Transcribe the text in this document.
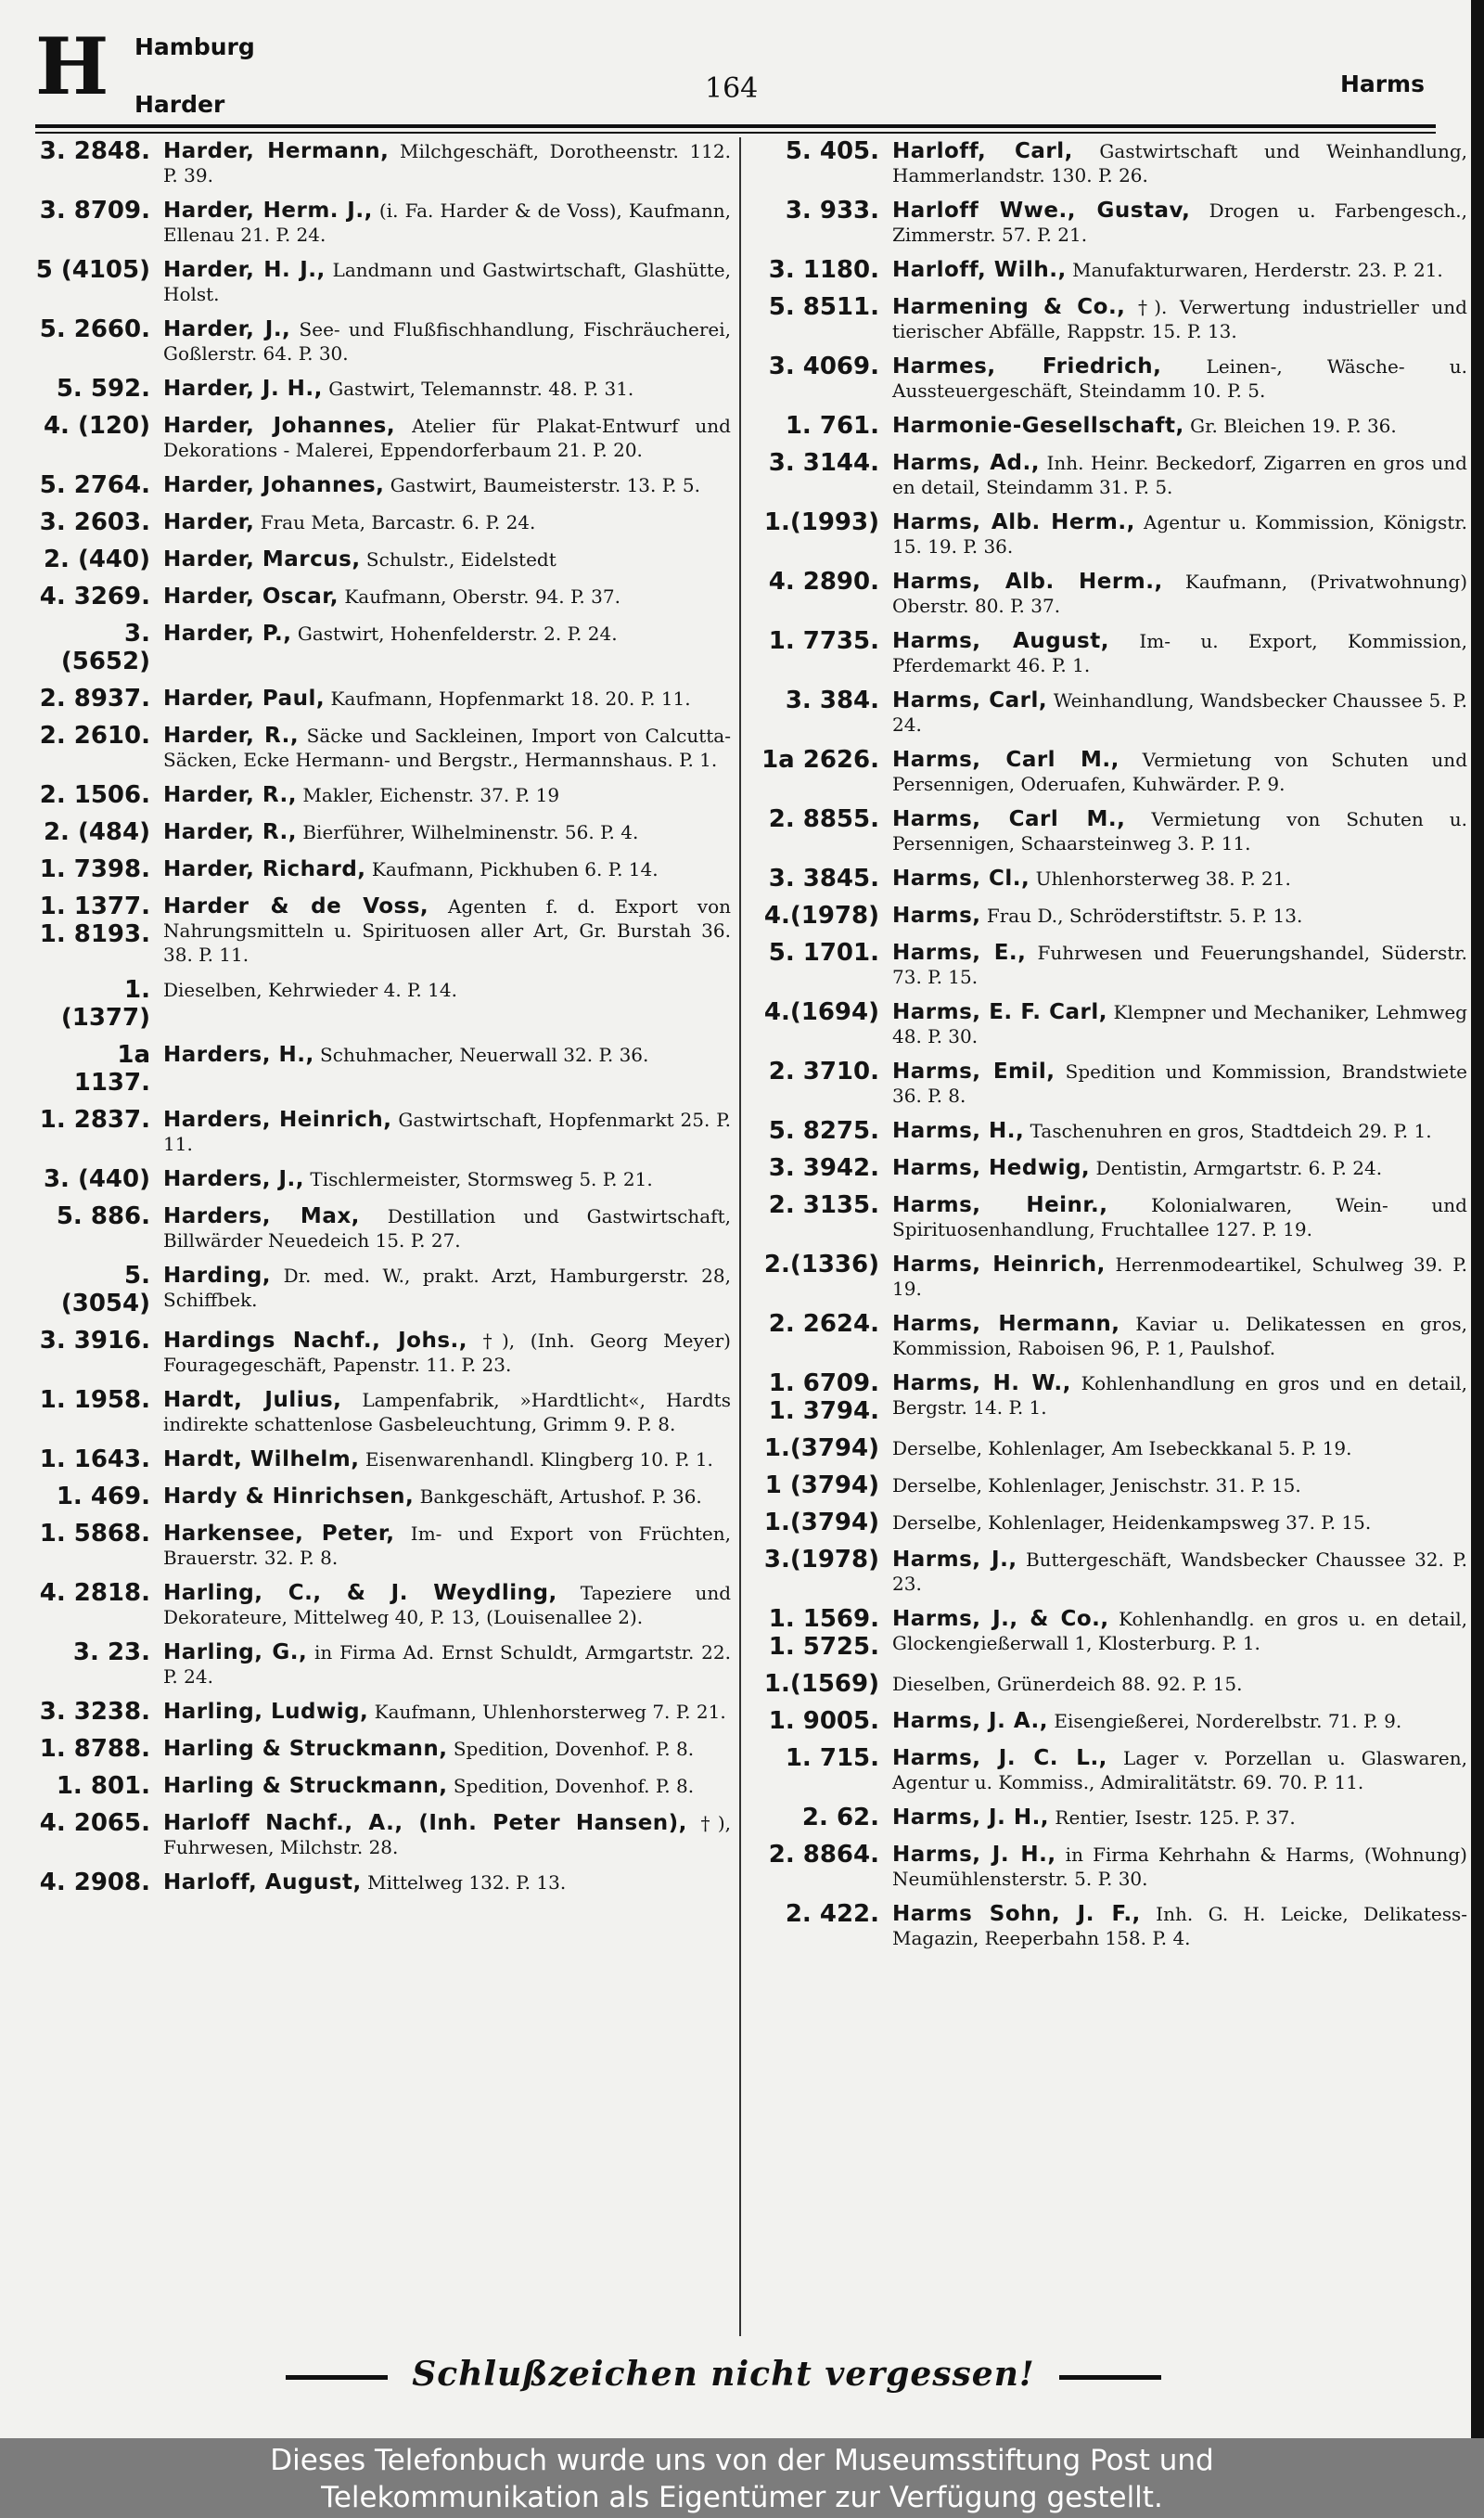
H Hamburg
Harder	164	Harms
3. 2848. Harder, Hermann, Milchgeschäft, Dorotheenstr. 112. P. 39.
3. 8709. Harder, Herm. J., (i. Fa. Harder & de Voss), Kaufmann, Ellenau 21. P. 24.
5 (4105) Harder, H. J., Landmann und Gastwirtschaft, Glashütte, Holst.
5. 2660. Harder, J., See- und Flußfischhandlung, Fischräucherei, Goßlerstr. 64. P. 30.
5. 592. Harder, J. H., Gastwirt, Telemannstr. 48. P. 31.
4. (120) Harder, Johannes, Atelier für Plakat-Entwurf und Dekorations - Malerei, Eppendorferbaum 21. P. 20.
5. 2764. Harder, Johannes, Gastwirt, Baumeisterstr. 13. P. 5.
3. 2603. Harder, Frau Meta, Barcastr. 6. P. 24.
2. (440) Harder, Marcus, Schulstr., Eidelstedt
4. 3269. Harder, Oscar, Kaufmann, Oberstr. 94. P. 37.
3.(5652)
Harder, P., Gastwirt, Hohenfelderstr. 2. P. 24.
2. 8937. Harder, Paul, Kaufmann, Hopfenmarkt 18. 20. P. 11.
2. 2610. Harder, R., Säcke und Sackleinen, Import von Calcutta-Säcken, Ecke Hermann- und Bergstr., Hermannshaus. P. 1.
2. 1506. Harder, R., Makler, Eichenstr. 37. P. 19
2. (484) Harder, R., Bierführer, Wilhelminenstr. 56. P. 4.
1. 7398. Harder, Richard, Kaufmann, Pickhuben 6. P. 14.
1. 1377. 1. 8193.
Harder & de Voss, Agenten f. d. Export von Nahrungsmitteln u. Spirituosen aller Art, Gr. Burstah 36. 38. P. 11.
1.(1377)
Dieselben, Kehrwieder 4. P. 14.
1a 1137.
Harders, H., Schuhmacher, Neuerwall 32. P. 36.
1. 2837. Harders, Heinrich, Gastwirtschaft, Hopfenmarkt 25. P. 11.
3. (440) Harders, J., Tischlermeister, Stormsweg 5. P. 21.
5. 886. Harders, Max, Destillation und Gastwirtschaft, Billwärder Neuedeich 15. P. 27.
5.(3054)
Harding, Dr. med. W., prakt. Arzt, Hamburgerstr. 28, Schiffbek.
3. 3916. Hardings Nachf., Johs., †), (Inh. Georg Meyer) Fouragegeschäft, Papenstr. 11. P. 23.
1. 1958. Hardt, Julius, Lampenfabrik, »Hardtlicht«, Hardts indirekte schattenlose Gasbeleuchtung, Grimm 9. P. 8.
1. 1643. Hardt, Wilhelm, Eisenwarenhandl. Klingberg 10. P. 1.
1. 469. Hardy & Hinrichsen, Bankgeschäft, Artushof. P. 36.
1. 5868. Harkensee, Peter, Im- und Export von Früchten, Brauerstr. 32. P. 8.
4. 2818. Harling, C., & J. Weydling, Tapeziere und Dekorateure, Mittelweg 40, P. 13, (Louisenallee 2).
3. 23. Harling, G., in Firma Ad. Ernst Schuldt, Armgartstr. 22. P. 24.
3. 3238. Harling, Ludwig, Kaufmann, Uhlenhorsterweg 7. P. 21.
1. 8788. Harling & Struckmann, Spedition, Dovenhof. P. 8.
1. 801. Harling & Struckmann, Spedition, Dovenhof. P. 8.
4. 2065. Harloff Nachf., A., (Inh. Peter Hansen), †), Fuhrwesen, Milchstr. 28.
4. 2908. Harloff, August, Mittelweg 132. P. 13.
5. 405. Harloff, Carl, Gastwirtschaft und Weinhandlung, Hammerlandstr. 130. P. 26.
3. 933. Harloff Wwe., Gustav, Drogen u. Farbengesch., Zimmerstr. 57. P. 21.
3. 1180. Harloff, Wilh., Manufakturwaren, Herderstr. 23. P. 21.
5. 8511. Harmening & Co., †). Verwertung industrieller und tierischer Abfälle, Rappstr. 15. P. 13.
3. 4069. Harmes, Friedrich, Leinen-, Wäsche- u. Aussteuergeschäft, Steindamm 10. P. 5.
1. 761. Harmonie-Gesellschaft, Gr. Bleichen 19. P. 36.
3. 3144. Harms, Ad., Inh. Heinr. Beckedorf, Zigarren en gros und en detail, Steindamm 31. P. 5.
1.(1993) Harms, Alb. Herm., Agentur u. Kommission, Königstr. 15. 19. P. 36.
4. 2890. Harms, Alb. Herm., Kaufmann, (Privatwohnung) Oberstr. 80. P. 37.
1. 7735. Harms, August, Im- u. Export, Kommission, Pferdemarkt 46. P. 1.
3. 384. Harms, Carl, Weinhandlung, Wandsbecker Chaussee 5. P. 24.
1a 2626. Harms, Carl M., Vermietung von Schuten und Persennigen, Oderuafen, Kuhwärder. P. 9.
2. 8855. Harms, Carl M., Vermietung von Schuten u. Persennigen, Schaarsteinweg 3. P. 11.
3. 3845. Harms, Cl., Uhlenhorsterweg 38. P. 21.
4.(1978) Harms, Frau D., Schröderstiftstr. 5. P. 13.
5. 1701. Harms, E., Fuhrwesen und Feuerungshandel, Süderstr. 73. P. 15.
4.(1694) Harms, E. F. Carl, Klempner und Mechaniker, Lehmweg 48. P. 30.
2. 3710. Harms, Emil, Spedition und Kommission, Brandstwiete 36. P. 8.
5. 8275. Harms, H., Taschenuhren en gros, Stadtdeich 29. P. 1.
3. 3942. Harms, Hedwig, Dentistin, Armgartstr. 6. P. 24.
2. 3135. Harms, Heinr., Kolonialwaren, Wein- und Spirituosenhandlung, Fruchtallee 127. P. 19.
2.(1336) Harms, Heinrich, Herrenmodeartikel, Schulweg 39. P. 19.
2. 2624. Harms, Hermann, Kaviar u. Delikatessen en gros, Kommission, Raboisen 96, P. 1, Paulshof.
1. 6709. 1. 3794.
Harms, H. W., Kohlenhandlung en gros und en detail, Bergstr. 14. P. 1.
1.(3794) Derselbe, Kohlenlager, Am Isebeckkanal 5. P. 19.
1 (3794) Derselbe, Kohlenlager, Jenischstr. 31. P. 15.
1.(3794) Derselbe, Kohlenlager, Heidenkampsweg 37. P. 15.
3.(1978) Harms, J., Buttergeschäft, Wandsbecker Chaussee 32. P. 23.
1. 1569. 1. 5725.
Harms, J., & Co., Kohlenhandlg. en gros u. en detail, Glockengießerwall 1, Klosterburg. P. 1.
1.(1569) Dieselben, Grünerdeich 88. 92. P. 15.
1. 9005. Harms, J. A., Eisengießerei, Norderelbstr. 71. P. 9.
1. 715. Harms, J. C. L., Lager v. Porzellan u. Glaswaren, Agentur u. Kommiss., Admiralitätstr. 69. 70. P. 11.
2. 62. Harms, J. H., Rentier, Isestr. 125. P. 37.
2. 8864. Harms, J. H., in Firma Kehrhahn & Harms, (Wohnung) Neumühlensterstr. 5. P. 30.
2. 422. Harms Sohn, J. F., Inh. G. H. Leicke, Delikatess-Magazin, Reeperbahn 158. P. 4.
Schlußzeichen nicht vergessen!
Dieses Telefonbuch wurde uns von der Museumsstiftung Post und
Telekommunikation als Eigentümer zur Verfügung gestellt.
